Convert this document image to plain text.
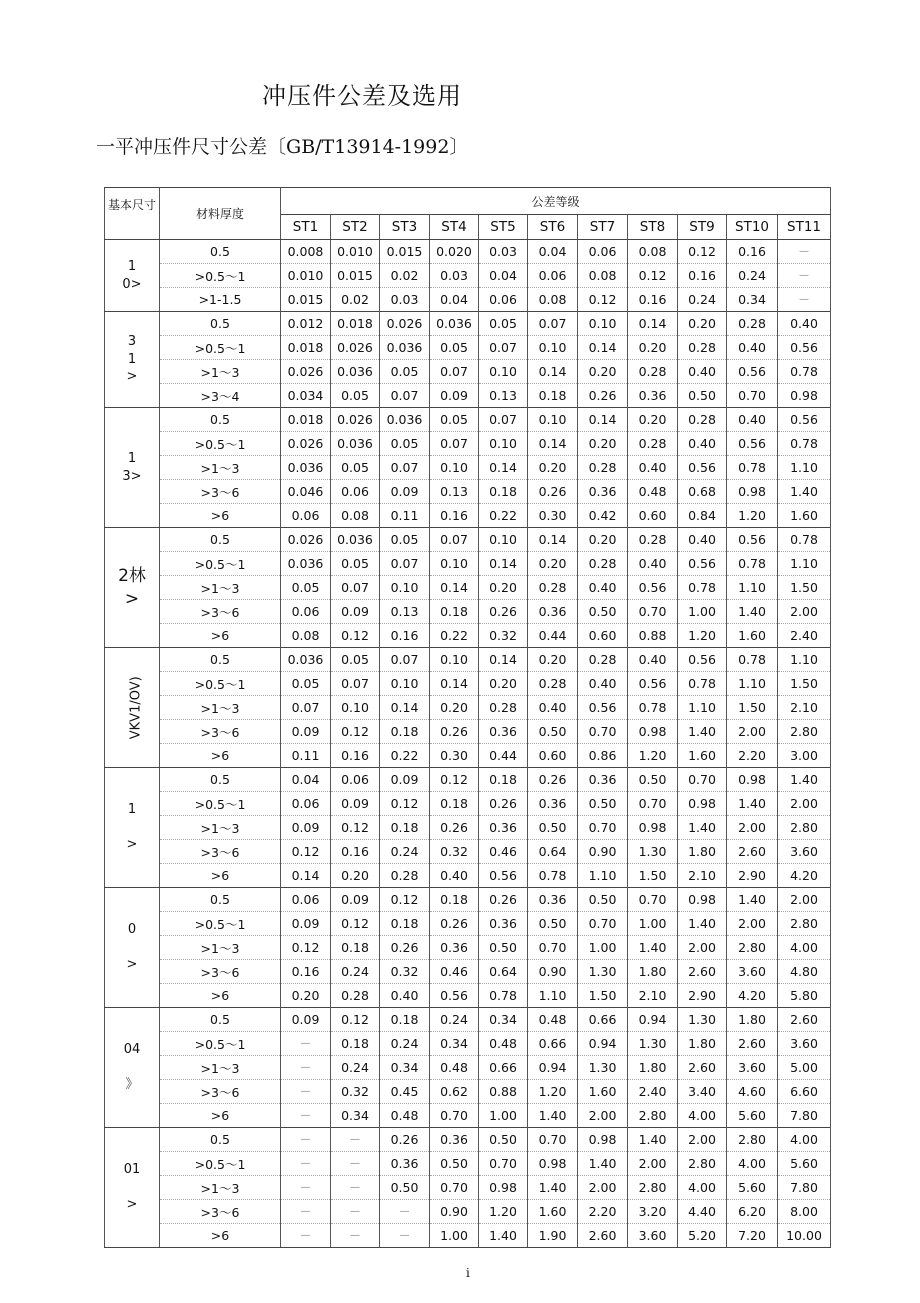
冲压件公差及选用
一平冲压件尺寸公差〔GB/T13914-1992〕
基本尺寸	材料厚度	公差等级										
		ST1	ST2	ST3	ST4	ST5	ST6	ST7	ST8	ST9	ST10	ST11
1
0>	0.5	0.008	0.010	0.015	0.020	0.03	0.04	0.06	0.08	0.12	0.16	—
	>0.5～1	0.010	0.015	0.02	0.03	0.04	0.06	0.08	0.12	0.16	0.24	—
	>1-1.5	0.015	0.02	0.03	0.04	0.06	0.08	0.12	0.16	0.24	0.34	—
3
1
>	0.5	0.012	0.018	0.026	0.036	0.05	0.07	0.10	0.14	0.20	0.28	0.40
	>0.5～1	0.018	0.026	0.036	0.05	0.07	0.10	0.14	0.20	0.28	0.40	0.56
	>1～3	0.026	0.036	0.05	0.07	0.10	0.14	0.20	0.28	0.40	0.56	0.78
	>3～4	0.034	0.05	0.07	0.09	0.13	0.18	0.26	0.36	0.50	0.70	0.98
1
3>	0.5	0.018	0.026	0.036	0.05	0.07	0.10	0.14	0.20	0.28	0.40	0.56
	>0.5～1	0.026	0.036	0.05	0.07	0.10	0.14	0.20	0.28	0.40	0.56	0.78
	>1～3	0.036	0.05	0.07	0.10	0.14	0.20	0.28	0.40	0.56	0.78	1.10
	>3～6	0.046	0.06	0.09	0.13	0.18	0.26	0.36	0.48	0.68	0.98	1.40
	>6	0.06	0.08	0.11	0.16	0.22	0.30	0.42	0.60	0.84	1.20	1.60
2林
>	0.5	0.026	0.036	0.05	0.07	0.10	0.14	0.20	0.28	0.40	0.56	0.78
	>0.5～1	0.036	0.05	0.07	0.10	0.14	0.20	0.28	0.40	0.56	0.78	1.10
	>1～3	0.05	0.07	0.10	0.14	0.20	0.28	0.40	0.56	0.78	1.10	1.50
	>3～6	0.06	0.09	0.13	0.18	0.26	0.36	0.50	0.70	1.00	1.40	2.00
	>6	0.08	0.12	0.16	0.22	0.32	0.44	0.60	0.88	1.20	1.60	2.40
VKV1/OV)	0.5	0.036	0.05	0.07	0.10	0.14	0.20	0.28	0.40	0.56	0.78	1.10
	>0.5～1	0.05	0.07	0.10	0.14	0.20	0.28	0.40	0.56	0.78	1.10	1.50
	>1～3	0.07	0.10	0.14	0.20	0.28	0.40	0.56	0.78	1.10	1.50	2.10
	>3～6	0.09	0.12	0.18	0.26	0.36	0.50	0.70	0.98	1.40	2.00	2.80
	>6	0.11	0.16	0.22	0.30	0.44	0.60	0.86	1.20	1.60	2.20	3.00
1

>	0.5	0.04	0.06	0.09	0.12	0.18	0.26	0.36	0.50	0.70	0.98	1.40
	>0.5～1	0.06	0.09	0.12	0.18	0.26	0.36	0.50	0.70	0.98	1.40	2.00
	>1～3	0.09	0.12	0.18	0.26	0.36	0.50	0.70	0.98	1.40	2.00	2.80
	>3～6	0.12	0.16	0.24	0.32	0.46	0.64	0.90	1.30	1.80	2.60	3.60
	>6	0.14	0.20	0.28	0.40	0.56	0.78	1.10	1.50	2.10	2.90	4.20
0

>	0.5	0.06	0.09	0.12	0.18	0.26	0.36	0.50	0.70	0.98	1.40	2.00
	>0.5～1	0.09	0.12	0.18	0.26	0.36	0.50	0.70	1.00	1.40	2.00	2.80
	>1～3	0.12	0.18	0.26	0.36	0.50	0.70	1.00	1.40	2.00	2.80	4.00
	>3～6	0.16	0.24	0.32	0.46	0.64	0.90	1.30	1.80	2.60	3.60	4.80
	>6	0.20	0.28	0.40	0.56	0.78	1.10	1.50	2.10	2.90	4.20	5.80
04

》	0.5	0.09	0.12	0.18	0.24	0.34	0.48	0.66	0.94	1.30	1.80	2.60
	>0.5～1	—	0.18	0.24	0.34	0.48	0.66	0.94	1.30	1.80	2.60	3.60
	>1～3	—	0.24	0.34	0.48	0.66	0.94	1.30	1.80	2.60	3.60	5.00
	>3～6	—	0.32	0.45	0.62	0.88	1.20	1.60	2.40	3.40	4.60	6.60
	>6	—	0.34	0.48	0.70	1.00	1.40	2.00	2.80	4.00	5.60	7.80
01

>	0.5	—	—	0.26	0.36	0.50	0.70	0.98	1.40	2.00	2.80	4.00
	>0.5～1	—	—	0.36	0.50	0.70	0.98	1.40	2.00	2.80	4.00	5.60
	>1～3	—	—	0.50	0.70	0.98	1.40	2.00	2.80	4.00	5.60	7.80
	>3～6	—	—	—	0.90	1.20	1.60	2.20	3.20	4.40	6.20	8.00
	>6	—	—	—	1.00	1.40	1.90	2.60	3.60	5.20	7.20	10.00
i
